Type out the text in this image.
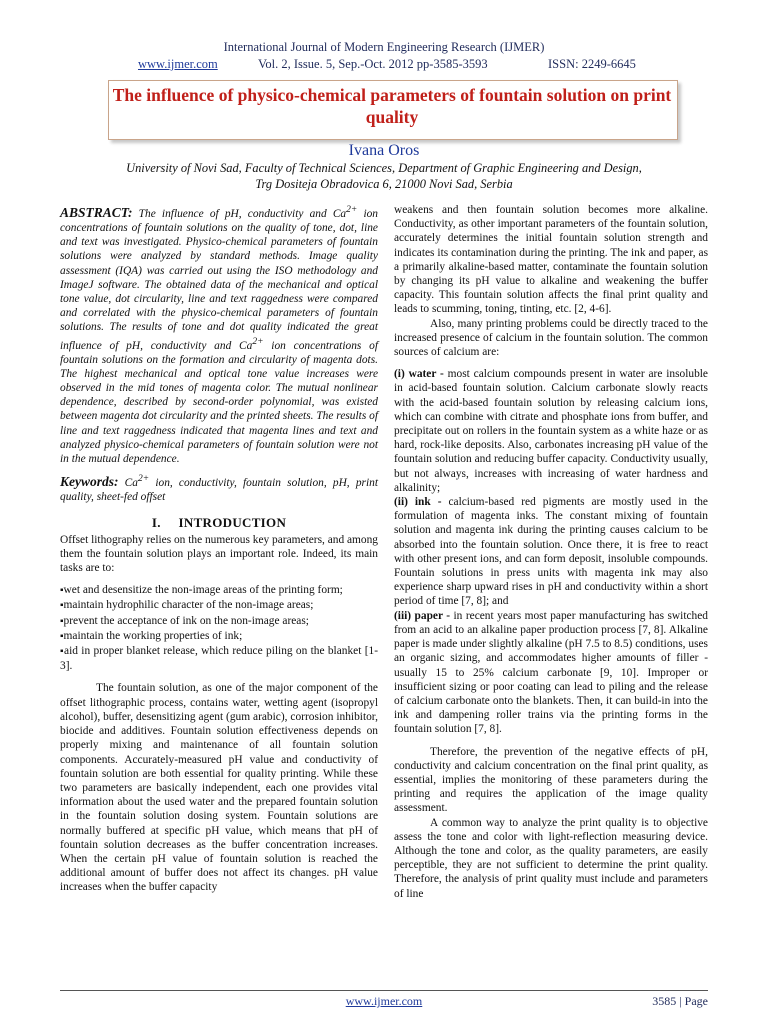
International Journal of Modern Engineering Research (IJMER)
www.ijmer.com	Vol. 2, Issue. 5, Sep.-Oct. 2012 pp-3585-3593	ISSN: 2249-6645
The influence of physico-chemical parameters of fountain solution on print quality
Ivana Oros
University of Novi Sad, Faculty of Technical Sciences, Department of Graphic Engineering and Design,
Trg Dositeja Obradovica 6, 21000 Novi Sad, Serbia

ABSTRACT: The influence of pH, conductivity and $Ca^{2+}$ ion concentrations of fountain solutions on the quality of tone, dot, line and text was investigated. Physico-chemical parameters of fountain solutions were analyzed by standard methods. Image quality assessment (IQA) was carried out using the ISO methodology and ImageJ software. The obtained data of the mechanical and optical tone value, dot circularity, line and text raggedness were compared and correlated with the physico-chemical parameters of fountain solutions. The results of tone and dot quality indicated the great influence of pH, conductivity and $Ca^{2+}$ ion concentrations of fountain solutions on the formation and circularity of magenta dots. The highest mechanical and optical tone value increases were observed in the mid tones of magenta color. The mutual nonlinear dependence, described by second-order polynomial, was existed between magenta dot circularity and the printed sheets. The results of line and text raggedness indicated that magenta lines and text and analyzed physico-chemical parameters of fountain solution were not in the mutual dependence.

Keywords: $Ca^{2+}$ ion, conductivity, fountain solution, pH, print quality, sheet-fed offset

I.     INTRODUCTION

Offset lithography relies on the numerous key parameters, and among them the fountain solution plays an important role. Indeed, its main tasks are to:

▪ wet and desensitize the non-image areas of the printing form;

▪ maintain hydrophilic character of the non-image areas;

▪ prevent the acceptance of ink on the non-image areas;

▪ maintain the working properties of ink;

▪ aid in proper blanket release, which reduce piling on the blanket [1-3].

The fountain solution, as one of the major component of the offset lithographic process, contains water, wetting agent (isopropyl alcohol), buffer, desensitizing agent (gum arabic), corrosion inhibitor, biocide and additives. Fountain solution effectiveness depends on properly mixing and maintenance of all fountain solution components. Accurately-measured pH value and conductivity of fountain solution are both essential for quality printing. While these two parameters are basically independent, each one provides vital information about the used water and the prepared fountain solution in the fountain solution dosing system. Fountain solutions are normally buffered at specific pH value, which means that pH of fountain solution decreases as the buffer concentration increases. When the certain pH value of fountain solution is reached the additional amount of buffer does not affect its changes. pH value increases when the buffer capacity

weakens and then fountain solution becomes more alkaline. Conductivity, as other important parameters of the fountain solution, accurately determines the initial fountain solution strength and indicates its contamination during the printing. The ink and paper, as a primarily alkaline-based matter, contaminate the fountain solution by changing its pH value to alkaline and weakening the buffer capacity. This fountain solution affects the final print quality and leads to scumming, toning, tinting, etc. [2, 4-6].

Also, many printing problems could be directly traced to the increased presence of calcium in the fountain solution. The common sources of calcium are:

(i) water - most calcium compounds present in water are insoluble in acid-based fountain solution. Calcium carbonate slowly reacts with the acid-based fountain solution by releasing calcium ions, which can combine with citrate and phosphate ions from buffer, and precipitate out on rollers in the fountain system as a white haze or as hard, rock-like deposits. Also, carbonates increasing pH value of the fountain solution and reducing buffer capacity. Conductivity usually, but not always, increases with increasing of water hardness and alkalinity;

(ii) ink - calcium-based red pigments are mostly used in the formulation of magenta inks. The constant mixing of fountain solution and magenta ink during the printing causes calcium to be absorbed into the fountain solution. Once there, it is free to react with other present ions, and can form deposit, insoluble compounds. Fountain solutions in press units with magenta ink may also experience sharp upward rises in pH and conductivity within a short period of time [7, 8]; and

(iii) paper - in recent years most paper manufacturing has switched from an acid to an alkaline paper production process [7, 8]. Alkaline paper is made under slightly alkaline (pH 7.5 to 8.5) conditions, uses an organic sizing, and accommodates higher amounts of filler - usually 15 to 25% calcium carbonate [9, 10]. Improper or insufficient sizing or poor coating can lead to piling and the release of calcium carbonate onto the blankets. Then, it can build-in into the ink and dampening roller trains via the printing forms in the fountain solution [7, 8].

Therefore, the prevention of the negative effects of pH, conductivity and calcium concentration on the final print quality, as essential, implies the monitoring of these parameters during the printing and requires the application of the image quality assessment.

A common way to analyze the print quality is to objective assess the tone and color with light-reflection measuring device. Although the tone and color, as the quality parameters, are easily perceptible, they are not sufficient to determine the print quality. Therefore, the analysis of print quality must include and parameters of line

www.ijmer.com	3585 | Page
